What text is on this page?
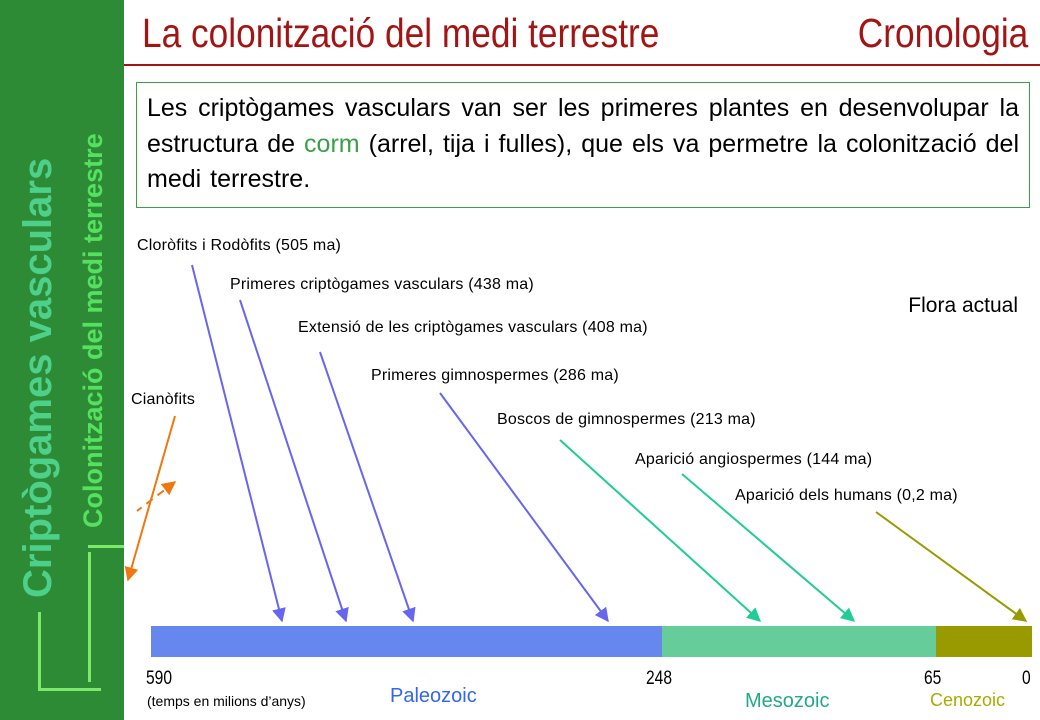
Criptògames vasculars Colonització del medi terrestre
La colonització del medi terrestre	Cronologia
Les criptògames vasculars van ser les primeres plantes en desenvolupar la estructura de corm (arrel, tija i fulles), que els va permetre la colonització del medi terrestre.
Cloròfits i Rodòfits (505 ma)
Primeres criptògames vasculars (438 ma)
Extensió de les criptògames vasculars (408 ma)
Primeres gimnospermes (286 ma)
Boscos de gimnospermes (213 ma)
Aparició angiospermes (144 ma)
Aparició dels humans (0,2 ma)
Cianòfits
Flora actual
590	248	65	0
(temps en milions d’anys)	Paleozoic	Mesozoic	Cenozoic
